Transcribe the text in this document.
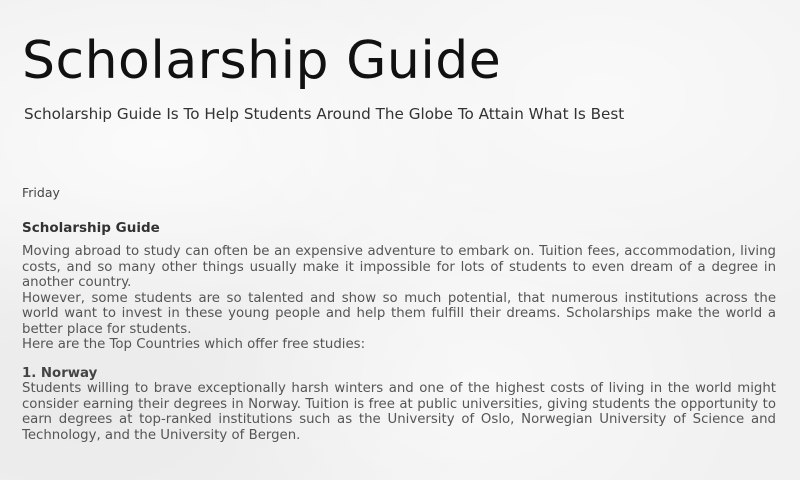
Scholarship Guide
Scholarship Guide Is To Help Students Around The Globe To Attain What Is Best
Friday
Scholarship Guide

Moving abroad to study can often be an expensive adventure to embark on. Tuition fees, accommodation, living costs, and so many other things usually make it impossible for lots of students to even dream of a degree in another country.

However, some students are so talented and show so much potential, that numerous institutions across the world want to invest in these young people and help them fulfill their dreams. Scholarships make the world a better place for students.

Here are the Top Countries which offer free studies:

1. Norway

Students willing to brave exceptionally harsh winters and one of the highest costs of living in the world might consider earning their degrees in Norway. Tuition is free at public universities, giving students the opportunity to earn degrees at top-ranked institutions such as the University of Oslo, Norwegian University of Science and Technology, and the University of Bergen.
